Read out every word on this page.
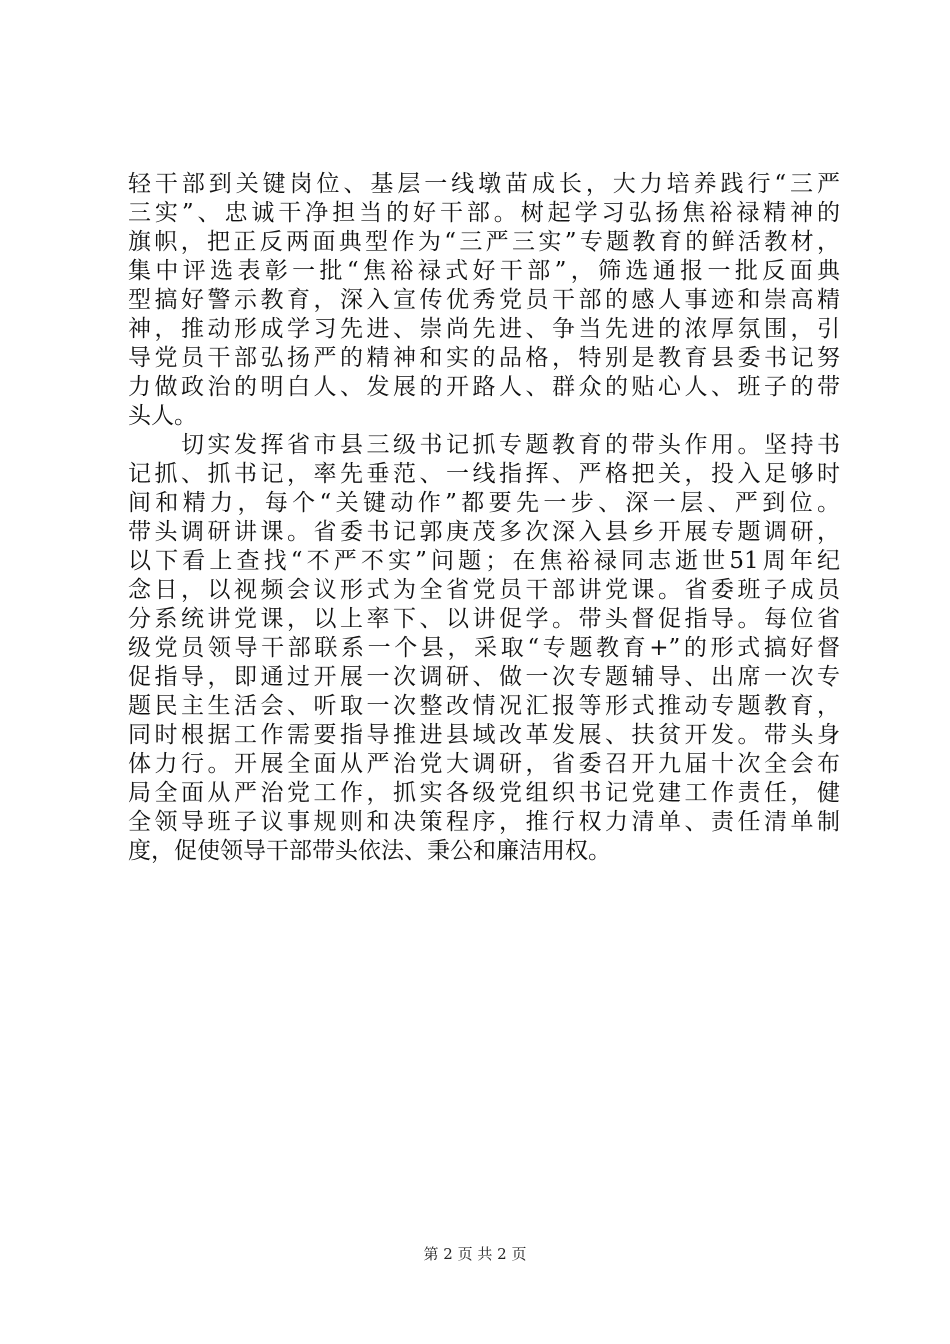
轻干部到关键岗位、基层一线墩苗成长，大力培养践行“三严
三实”、忠诚干净担当的好干部。树起学习弘扬焦裕禄精神的
旗帜，把正反两面典型作为“三严三实”专题教育的鲜活教材，
集中评选表彰一批“焦裕禄式好干部”，筛选通报一批反面典
型搞好警示教育，深入宣传优秀党员干部的感人事迹和崇高精
神，推动形成学习先进、崇尚先进、争当先进的浓厚氛围，引
导党员干部弘扬严的精神和实的品格，特别是教育县委书记努
力做政治的明白人、发展的开路人、群众的贴心人、班子的带
头人。
　　切实发挥省市县三级书记抓专题教育的带头作用。坚持书
记抓、抓书记，率先垂范、一线指挥、严格把关，投入足够时
间和精力，每个“关键动作”都要先一步、深一层、严到位。
带头调研讲课。省委书记郭庚茂多次深入县乡开展专题调研，
以下看上查找“不严不实”问题；在焦裕禄同志逝世51周年纪
念日，以视频会议形式为全省党员干部讲党课。省委班子成员
分系统讲党课，以上率下、以讲促学。带头督促指导。每位省
级党员领导干部联系一个县，采取“专题教育+”的形式搞好督
促指导，即通过开展一次调研、做一次专题辅导、出席一次专
题民主生活会、听取一次整改情况汇报等形式推动专题教育，
同时根据工作需要指导推进县域改革发展、扶贫开发。带头身
体力行。开展全面从严治党大调研，省委召开九届十次全会布
局全面从严治党工作，抓实各级党组织书记党建工作责任，健
全领导班子议事规则和决策程序，推行权力清单、责任清单制
度，促使领导干部带头依法、秉公和廉洁用权。
第 2 页 共 2 页
